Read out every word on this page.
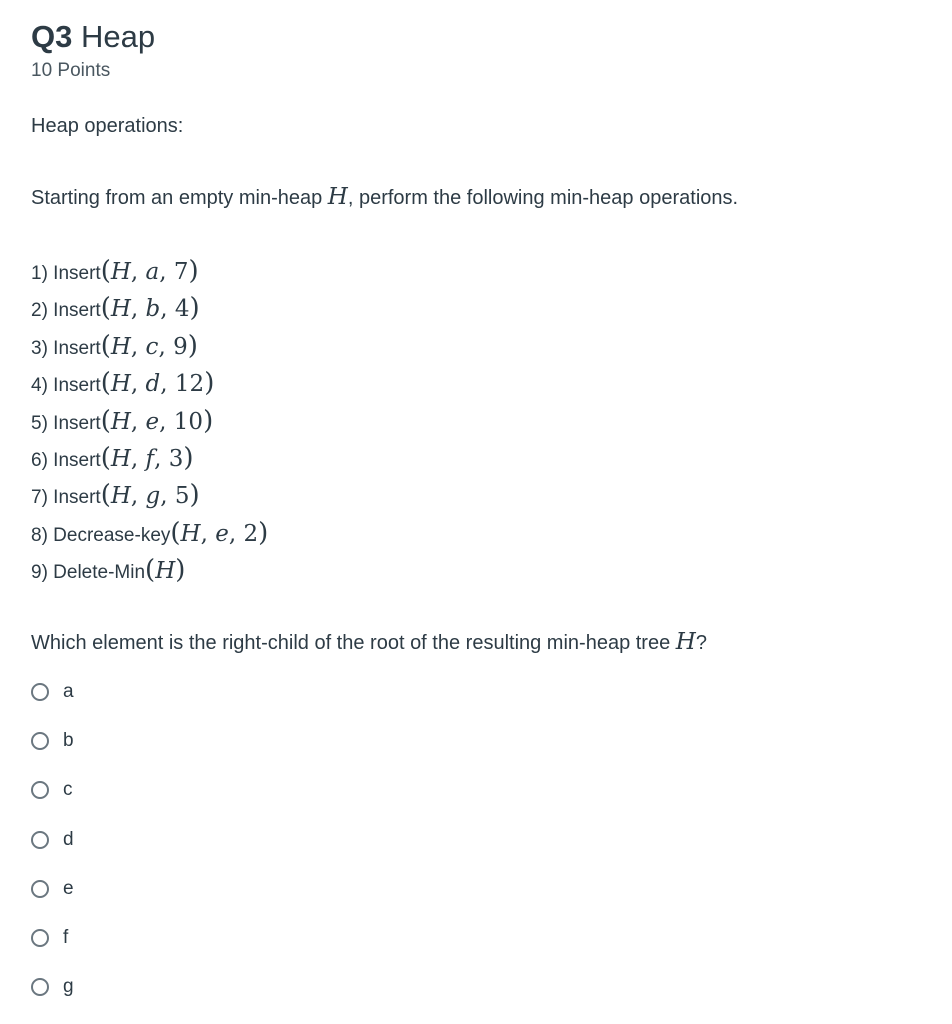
Q3 Heap
10 Points
Heap operations:
Starting from an empty min-heap H, perform the following min-heap operations.
1) Insert(H, a, 7)
2) Insert(H, b, 4)
3) Insert(H, c, 9)
4) Insert(H, d, 12)
5) Insert(H, e, 10)
6) Insert(H, f, 3)
7) Insert(H, g, 5)
8) Decrease-key(H, e, 2)
9) Delete-Min(H)
Which element is the right-child of the root of the resulting min-heap tree H?
a
b
c
d
e
f
g
